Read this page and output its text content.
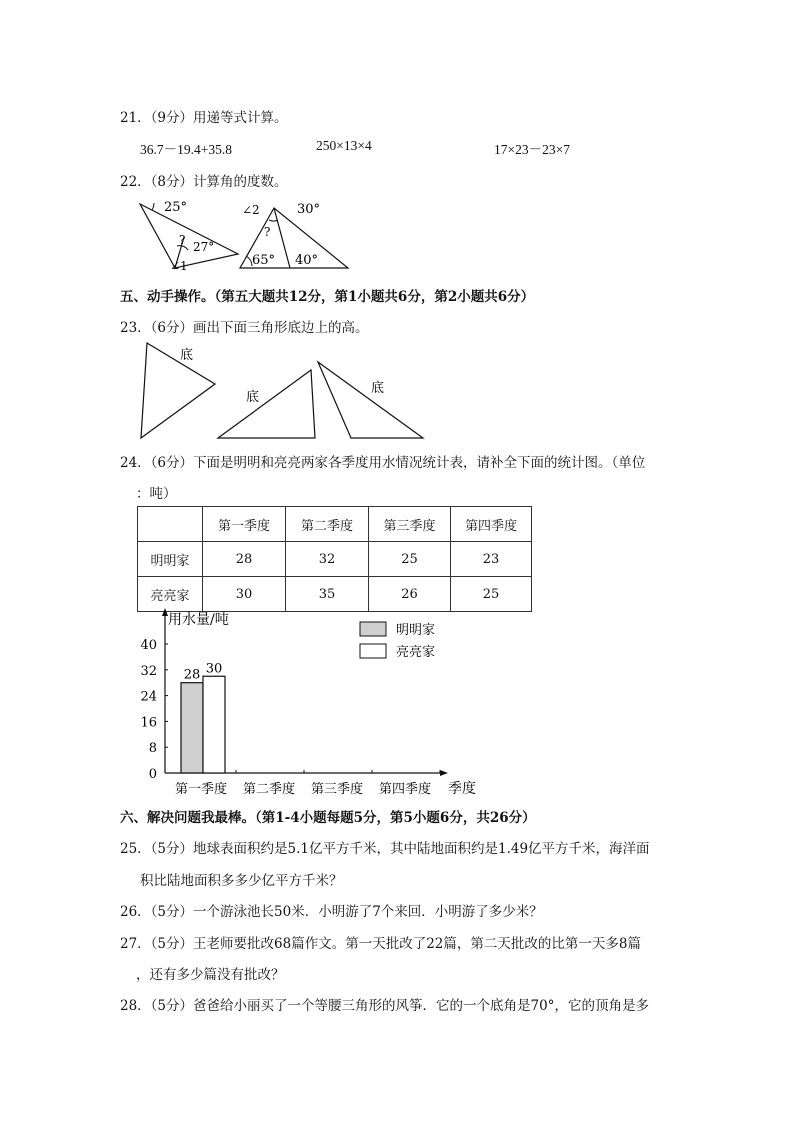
21．（9分）用递等式计算。
36.7－19.4+35.8	250×13×4	17×23－23×7
22．（8分）计算角的度数。
25°
? 27°
∠1
∠2	30°
?
65° 40°
五、动手操作。（第五大题共12分，第1小题共6分，第2小题共6分）
23．（6分）画出下面三角形底边上的高。
底
底
底
24．（6分）下面是明明和亮亮两家各季度用水情况统计表，请补全下面的统计图。（单位
：吨）
	第一季度	第二季度	第三季度	第四季度
明明家	28	32	25	23
亮亮家	30	35	26	25
0
8
16
24
32
40
用水量/吨
季度
第一季度 第二季度 第三季度 第四季度
28 30
明明家
亮亮家
六、解决问题我最棒。（第1-4小题每题5分，第5小题6分，共26分）
25．（5分）地球表面积约是5.1亿平方千米，其中陆地面积约是1.49亿平方千米，海洋面
积比陆地面积多多少亿平方千米？
26．（5分）一个游泳池长50米．小明游了7个来回．小明游了多少米？
27．（5分）王老师要批改68篇作文。第一天批改了22篇，第二天批改的比第一天多8篇
，还有多少篇没有批改？
28．（5分）爸爸给小丽买了一个等腰三角形的风筝．它的一个底角是70°，它的顶角是多
